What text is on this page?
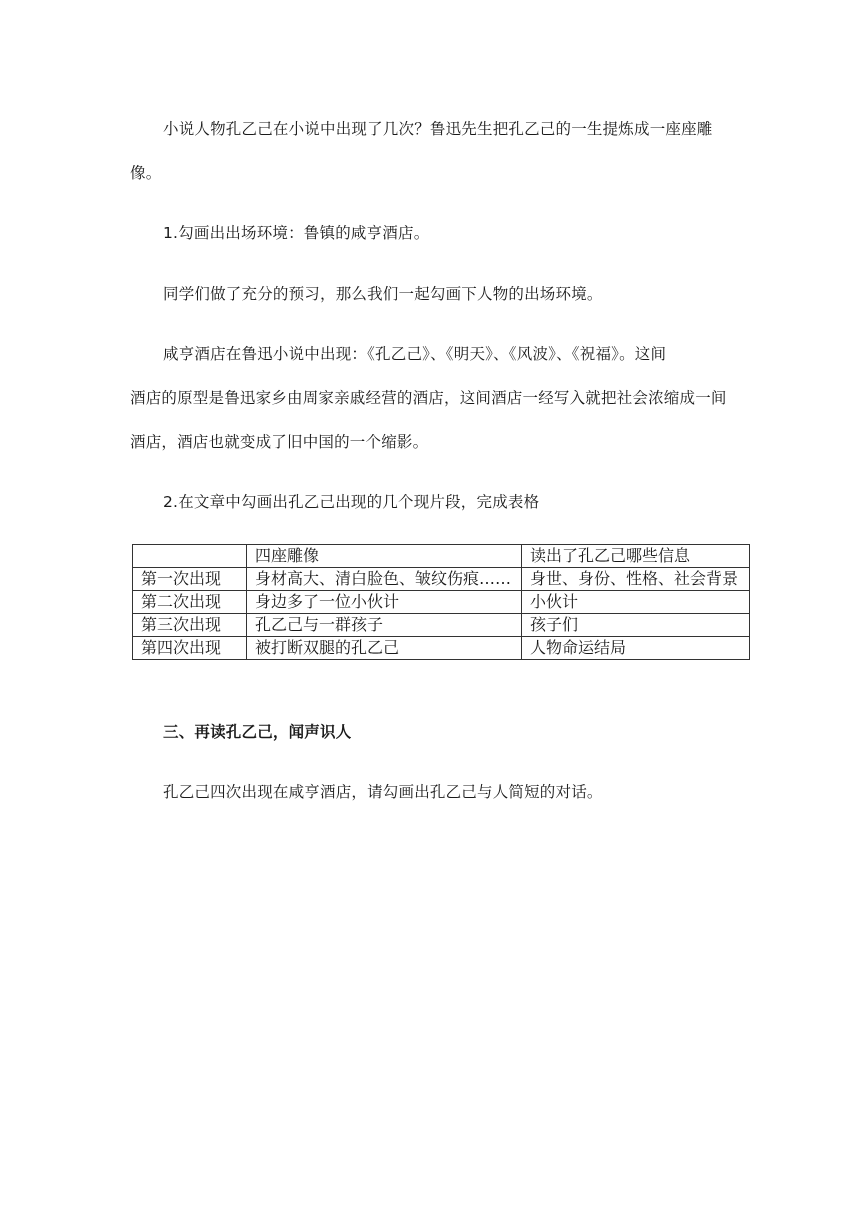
小说人物孔乙己在小说中出现了几次？鲁迅先生把孔乙己的一生提炼成一座座雕
像。
1.勾画出出场环境：鲁镇的咸亨酒店。
同学们做了充分的预习，那么我们一起勾画下人物的出场环境。
咸亨酒店在鲁迅小说中出现：《孔乙己》、《明天》、《风波》、《祝福》。这间
酒店的原型是鲁迅家乡由周家亲戚经营的酒店，这间酒店一经写入就把社会浓缩成一间
酒店，酒店也就变成了旧中国的一个缩影。
2.在文章中勾画出孔乙己出现的几个现片段，完成表格
	四座雕像	读出了孔乙己哪些信息
第一次出现	身材高大、清白脸色、皱纹伤痕……	身世、身份、性格、社会背景
第二次出现	身边多了一位小伙计	小伙计
第三次出现	孔乙己与一群孩子	孩子们
第四次出现	被打断双腿的孔乙己	人物命运结局
三、再读孔乙己，闻声识人
孔乙己四次出现在咸亨酒店，请勾画出孔乙己与人简短的对话。
